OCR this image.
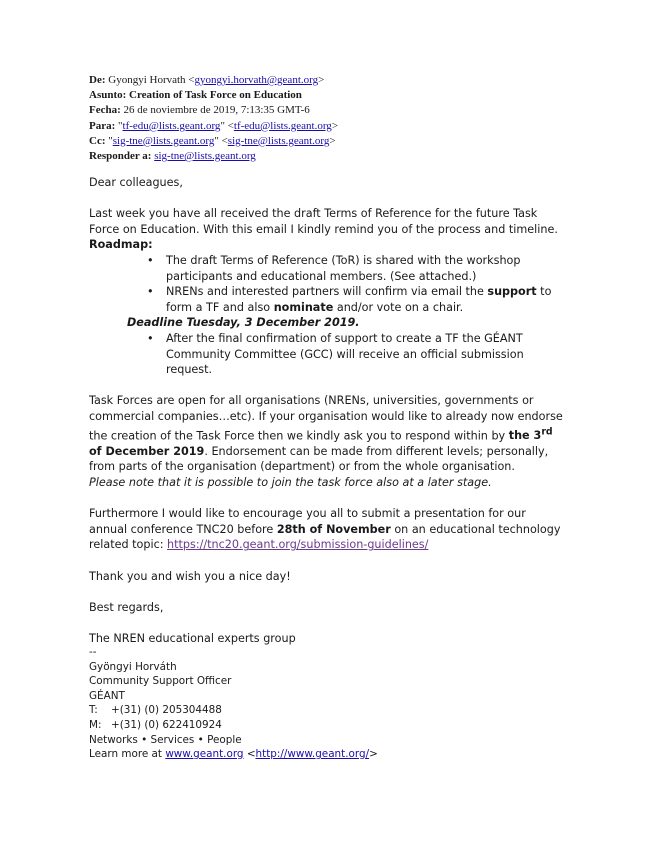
De: Gyongyi Horvath <gyongyi.horvath@geant.org>
Asunto: Creation of Task Force on Education
Fecha: 26 de noviembre de 2019, 7:13:35 GMT-6
Para: "tf-edu@lists.geant.org" <tf-edu@lists.geant.org>
Cc: "sig-tne@lists.geant.org" <sig-tne@lists.geant.org>
Responder a: sig-tne@lists.geant.org

Dear colleagues,

Last week you have all received the draft Terms of Reference for the future Task Force on Education. With this email I kindly remind you of the process and timeline.

Roadmap:

• The draft Terms of Reference (ToR) is shared with the workshop participants and educational members. (See attached.)
• NRENs and interested partners will confirm via email the support to form a TF and also nominate and/or vote on a chair.

Deadline Tuesday, 3 December 2019.

• After the final confirmation of support to create a TF the GÉANT Community Committee (GCC) will receive an official submission request.

Task Forces are open for all organisations (NRENs, universities, governments or commercial companies…etc). If your organisation would like to already now endorse the creation of the Task Force then we kindly ask you to respond within by the 3rd of December 2019. Endorsement can be made from different levels; personally, from parts of the organisation (department) or from the whole organisation.

Please note that it is possible to join the task force also at a later stage.

Furthermore I would like to encourage you all to submit a presentation for our annual conference TNC20 before 28th of November on an educational technology related topic: https://tnc20.geant.org/submission-guidelines/

Thank you and wish you a nice day!

Best regards,

The NREN educational experts group

--
Gyöngyi Horváth
Community Support Officer
GÉANT
T: +(31) (0) 205304488
M: +(31) (0) 622410924
Networks • Services • People
Learn more at www.geant.org <http://www.geant.org/>
